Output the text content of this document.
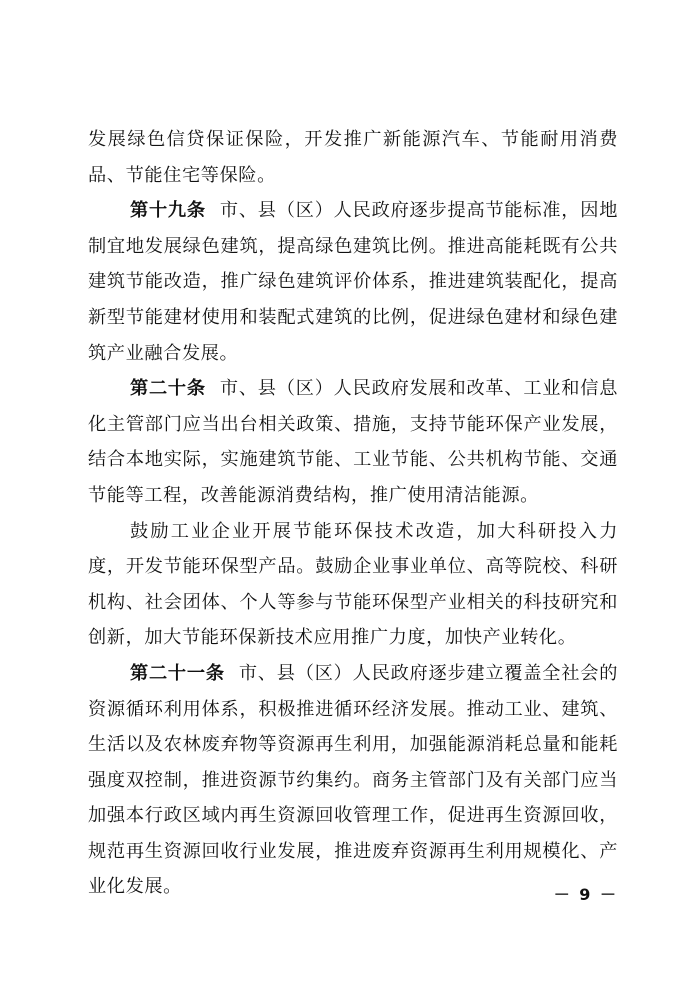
发展绿色信贷保证保险，开发推广新能源汽车、节能耐用消费品、节能住宅等保险。

第十九条 市、县（区）人民政府逐步提高节能标准，因地制宜地发展绿色建筑，提高绿色建筑比例。推进高能耗既有公共建筑节能改造，推广绿色建筑评价体系，推进建筑装配化，提高新型节能建材使用和装配式建筑的比例，促进绿色建材和绿色建筑产业融合发展。

第二十条 市、县（区）人民政府发展和改革、工业和信息化主管部门应当出台相关政策、措施，支持节能环保产业发展，结合本地实际，实施建筑节能、工业节能、公共机构节能、交通节能等工程，改善能源消费结构，推广使用清洁能源。

鼓励工业企业开展节能环保技术改造，加大科研投入力度，开发节能环保型产品。鼓励企业事业单位、高等院校、科研机构、社会团体、个人等参与节能环保型产业相关的科技研究和创新，加大节能环保新技术应用推广力度，加快产业转化。

第二十一条 市、县（区）人民政府逐步建立覆盖全社会的资源循环利用体系，积极推进循环经济发展。推动工业、建筑、生活以及农林废弃物等资源再生利用，加强能源消耗总量和能耗强度双控制，推进资源节约集约。商务主管部门及有关部门应当加强本行政区域内再生资源回收管理工作，促进再生资源回收，规范再生资源回收行业发展，推进废弃资源再生利用规模化、产业化发展。	－ 9 －
